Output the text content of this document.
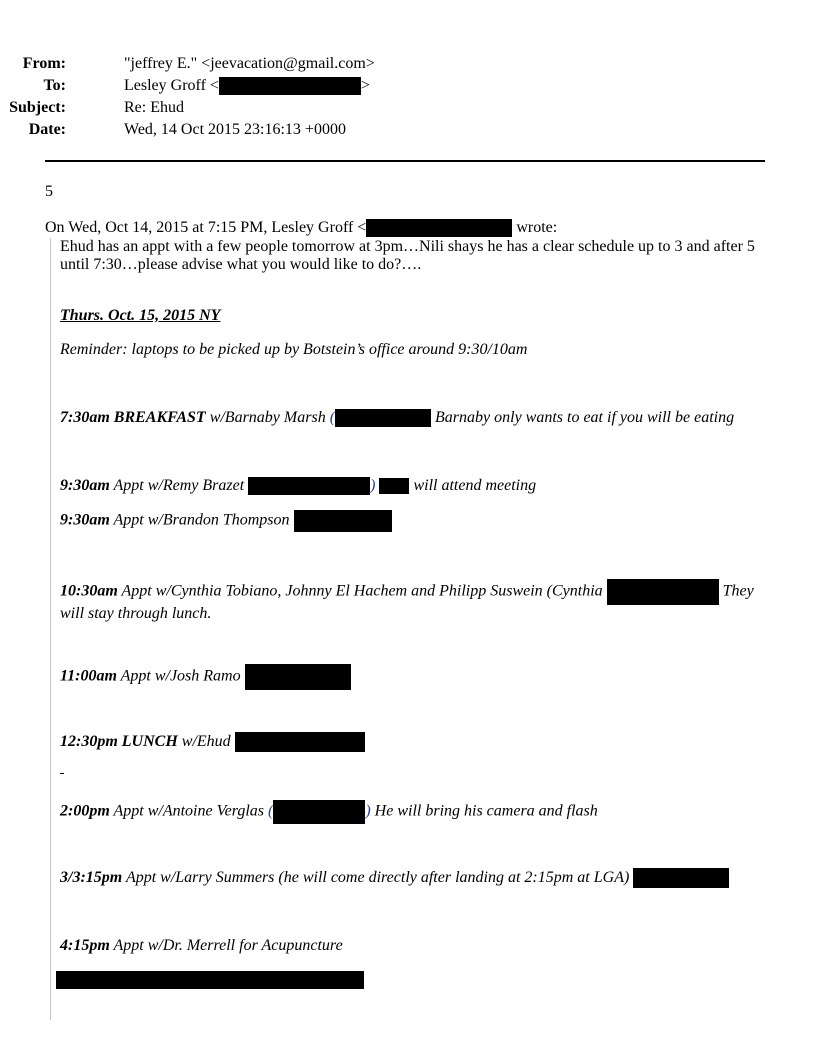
From:	"jeffrey E." <jeevacation@gmail.com>
To:	Lesley Groff <	>
Subject:	Re: Ehud
Date:	Wed, 14 Oct 2015 23:16:13 +0000
5
On Wed, Oct 14, 2015 at 7:15 PM, Lesley Groff <	wrote:
Ehud has an appt with a few people tomorrow at 3pm…Nili shays he has a clear schedule up to 3 and after 5 until 7:30…please advise what you would like to do?….
Thurs. Oct. 15, 2015 NY
Reminder: laptops to be picked up by Botstein’s office around 9:30/10am
7:30am BREAKFAST w/Barnaby Marsh (	Barnaby only wants to eat if you will be eating
9:30am Appt w/Remy Brazet	) will attend meeting
9:30am Appt w/Brandon Thompson
10:30am Appt w/Cynthia Tobiano, Johnny El Hachem and Philipp Suswein (Cynthia	They will stay through lunch.
11:00am Appt w/Josh Ramo
12:30pm LUNCH w/Ehud
2:00pm Appt w/Antoine Verglas (	) He will bring his camera and flash
3/3:15pm Appt w/Larry Summers (he will come directly after landing at 2:15pm at LGA)
4:15pm Appt w/Dr. Merrell for Acupuncture
